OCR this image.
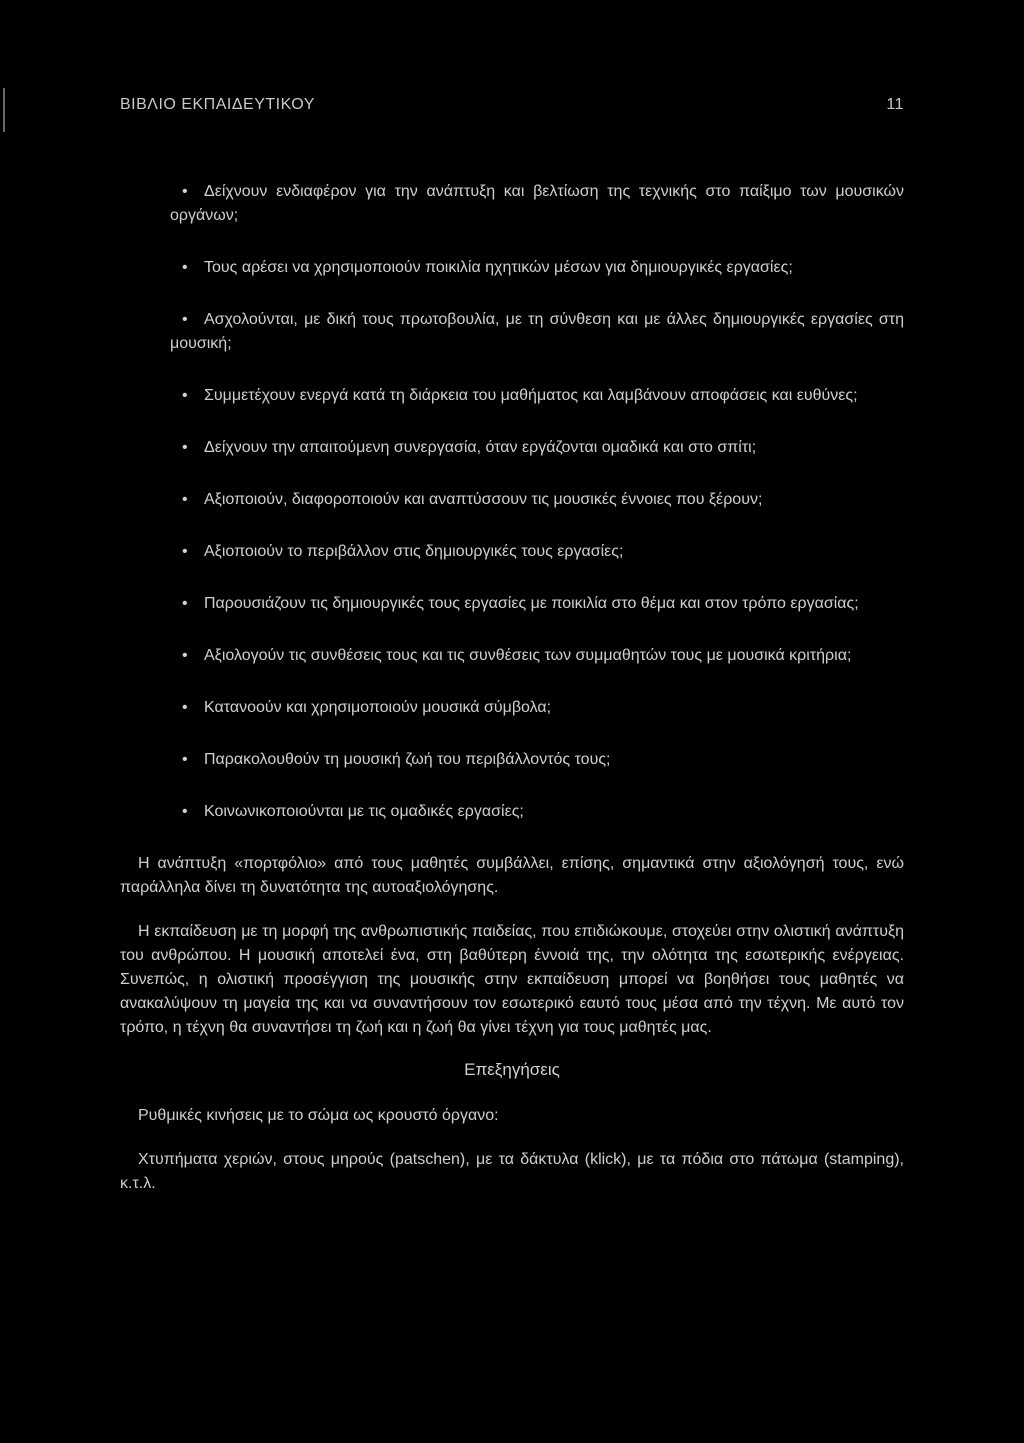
ΒΙΒΛΙΟ ΕΚΠΑΙΔΕΥΤΙΚΟΥ	11
• Δείχνουν ενδιαφέρον για την ανάπτυξη και βελτίωση της τεχνικής στο παίξιμο των μουσικών οργάνων;
• Τους αρέσει να χρησιμοποιούν ποικιλία ηχητικών μέσων για δημιουργικές εργασίες;
• Ασχολούνται, με δική τους πρωτοβουλία, με τη σύνθεση και με άλλες δημιουργικές εργασίες στη μουσική;
• Συμμετέχουν ενεργά κατά τη διάρκεια του μαθήματος και λαμβάνουν αποφάσεις και ευθύνες;
• Δείχνουν την απαιτούμενη συνεργασία, όταν εργάζονται ομαδικά και στο σπίτι;
• Αξιοποιούν, διαφοροποιούν και αναπτύσσουν τις μουσικές έννοιες που ξέρουν;
• Αξιοποιούν το περιβάλλον στις δημιουργικές τους εργασίες;
• Παρουσιάζουν τις δημιουργικές τους εργασίες με ποικιλία στο θέμα και στον τρόπο εργασίας;
• Αξιολογούν τις συνθέσεις τους και τις συνθέσεις των συμμαθητών τους με μουσικά κριτήρια;
• Κατανοούν και χρησιμοποιούν μουσικά σύμβολα;
• Παρακολουθούν τη μουσική ζωή του περιβάλλοντός τους;
• Κοινωνικοποιούνται με τις ομαδικές εργασίες;

Η ανάπτυξη «πορτφόλιο» από τους μαθητές συμβάλλει, επίσης, σημαντικά στην αξιολόγησή τους, ενώ παράλληλα δίνει τη δυνατότητα της αυτοαξιολόγησης.

Η εκπαίδευση με τη μορφή της ανθρωπιστικής παιδείας, που επιδιώκουμε, στοχεύει στην ολιστική ανάπτυξη του ανθρώπου. Η μουσική αποτελεί ένα, στη βαθύτερη έννοιά της, την ολότητα της εσωτερικής ενέργειας. Συνεπώς, η ολιστική προσέγγιση της μουσικής στην εκπαίδευση μπορεί να βοηθήσει τους μαθητές να ανακαλύψουν τη μαγεία της και να συναντήσουν τον εσωτερικό εαυτό τους μέσα από την τέχνη. Με αυτό τον τρόπο, η τέχνη θα συναντήσει τη ζωή και η ζωή θα γίνει τέχνη για τους μαθητές μας.

Επεξηγήσεις

Ρυθμικές κινήσεις με το σώμα ως κρουστό όργανο:

Χτυπήματα χεριών, στους μηρούς (patschen), με τα δάκτυλα (klick), με τα πόδια στο πάτωμα (stamping), κ.τ.λ.
